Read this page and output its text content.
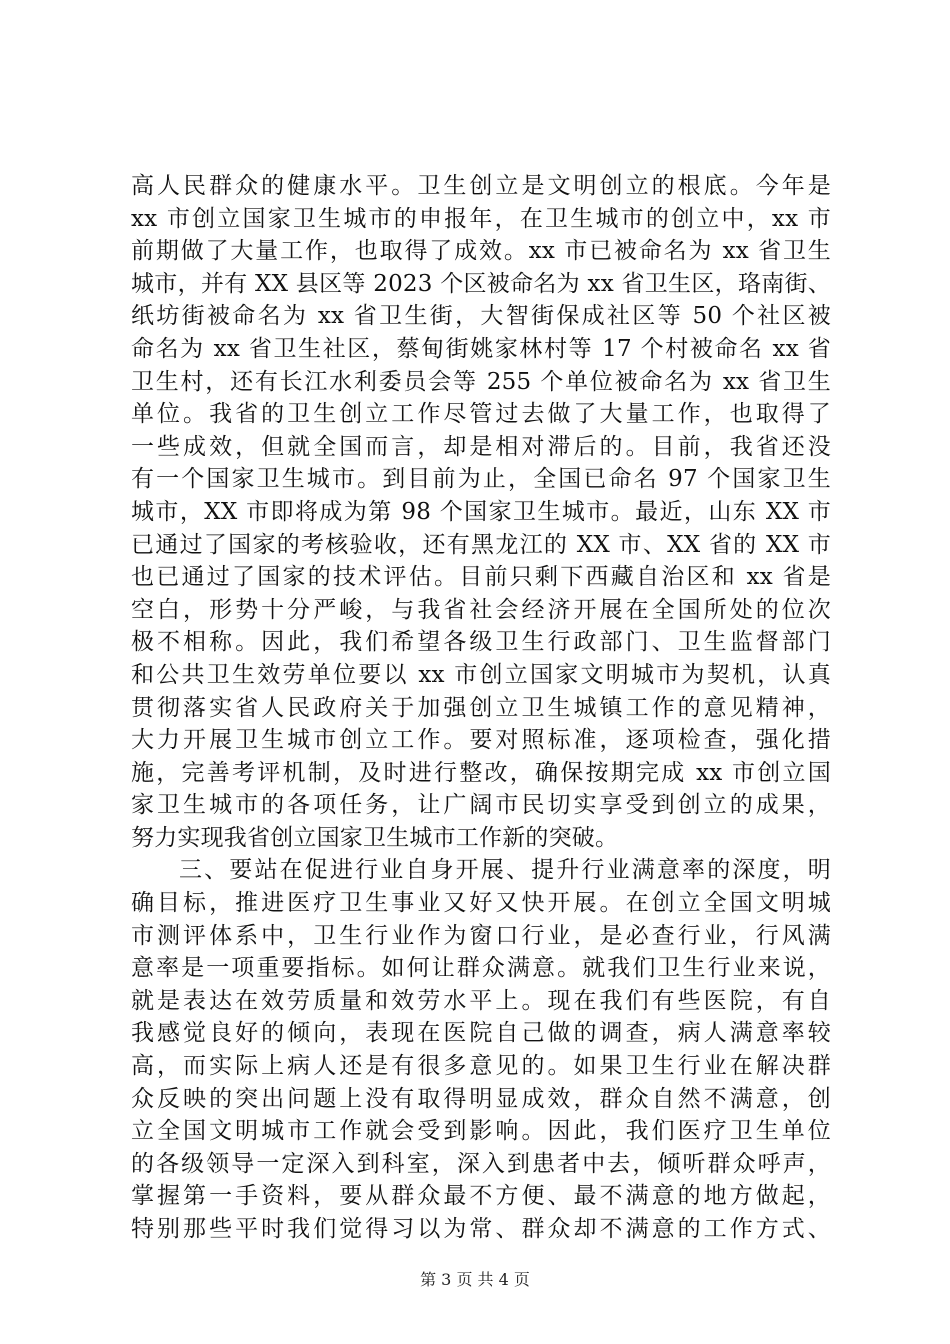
高人民群众的健康水平。卫生创立是文明创立的根底。今年是
xx 市创立国家卫生城市的申报年，在卫生城市的创立中，xx 市
前期做了大量工作，也取得了成效。xx 市已被命名为 xx 省卫生
城市，并有 XX 县区等 2023 个区被命名为 xx 省卫生区，珞南街、
纸坊街被命名为 xx 省卫生街，大智街保成社区等 50 个社区被
命名为 xx 省卫生社区，蔡甸街姚家林村等 17 个村被命名 xx 省
卫生村，还有长江水利委员会等 255 个单位被命名为 xx 省卫生
单位。我省的卫生创立工作尽管过去做了大量工作，也取得了
一些成效，但就全国而言，却是相对滞后的。目前，我省还没
有一个国家卫生城市。到目前为止，全国已命名 97 个国家卫生
城市，XX 市即将成为第 98 个国家卫生城市。最近，山东 XX 市
已通过了国家的考核验收，还有黑龙江的 XX 市、XX 省的 XX 市
也已通过了国家的技术评估。目前只剩下西藏自治区和 xx 省是
空白，形势十分严峻，与我省社会经济开展在全国所处的位次
极不相称。因此，我们希望各级卫生行政部门、卫生监督部门
和公共卫生效劳单位要以 xx 市创立国家文明城市为契机，认真
贯彻落实省人民政府关于加强创立卫生城镇工作的意见精神，
大力开展卫生城市创立工作。要对照标准，逐项检查，强化措
施，完善考评机制，及时进行整改，确保按期完成 xx 市创立国
家卫生城市的各项任务，让广阔市民切实享受到创立的成果，
努力实现我省创立国家卫生城市工作新的突破。
三、要站在促进行业自身开展、提升行业满意率的深度，明
确目标，推进医疗卫生事业又好又快开展。在创立全国文明城
市测评体系中，卫生行业作为窗口行业，是必查行业，行风满
意率是一项重要指标。如何让群众满意。就我们卫生行业来说，
就是表达在效劳质量和效劳水平上。现在我们有些医院，有自
我感觉良好的倾向，表现在医院自己做的调查，病人满意率较
高，而实际上病人还是有很多意见的。如果卫生行业在解决群
众反映的突出问题上没有取得明显成效，群众自然不满意，创
立全国文明城市工作就会受到影响。因此，我们医疗卫生单位
的各级领导一定深入到科室，深入到患者中去，倾听群众呼声，
掌握第一手资料，要从群众最不方便、最不满意的地方做起，
特别那些平时我们觉得习以为常、群众却不满意的工作方式、
第 3 页 共 4 页
